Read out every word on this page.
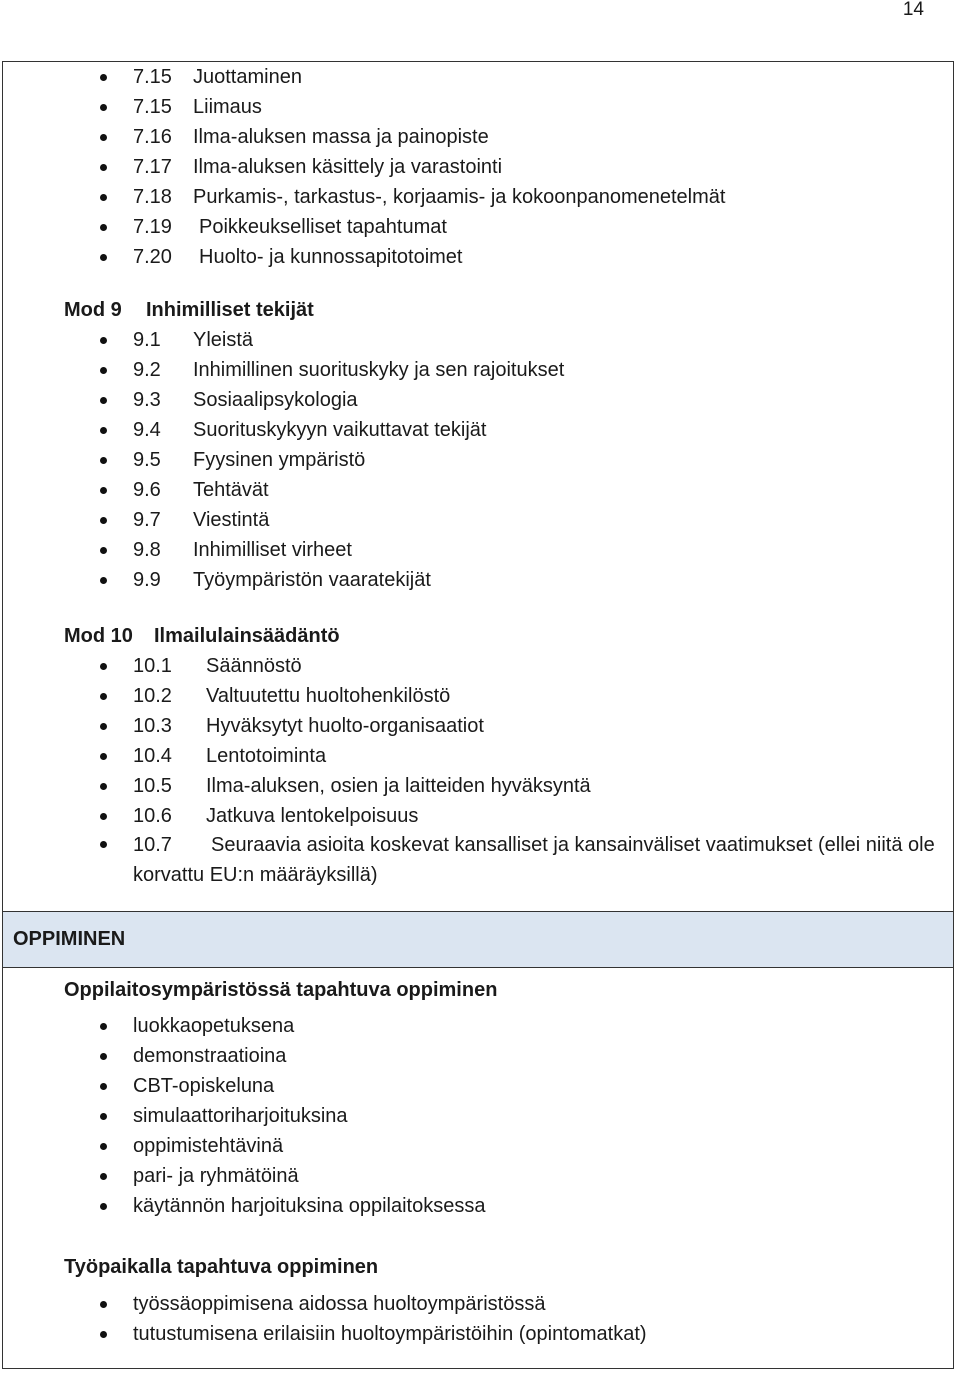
14
7.15 Juottaminen
7.15 Liimaus
7.16 Ilma-aluksen massa ja painopiste
7.17 Ilma-aluksen käsittely ja varastointi
7.18 Purkamis-, tarkastus-, korjaamis- ja kokoonpanomenetelmät
7.19 Poikkeukselliset tapahtumat
7.20 Huolto- ja kunnossapitotoimet
Mod 9 Inhimilliset tekijät
9.1 Yleistä
9.2 Inhimillinen suorituskyky ja sen rajoitukset
9.3 Sosiaalipsykologia
9.4 Suorituskykyyn vaikuttavat tekijät
9.5 Fyysinen ympäristö
9.6 Tehtävät
9.7 Viestintä
9.8 Inhimilliset virheet
9.9 Työympäristön vaaratekijät
Mod 10 Ilmailulainsäädäntö
10.1 Säännöstö
10.2 Valtuutettu huoltohenkilöstö
10.3 Hyväksytyt huolto-organisaatiot
10.4 Lentotoiminta
10.5 Ilma-aluksen, osien ja laitteiden hyväksyntä
10.6 Jatkuva lentokelpoisuus
10.7	Seuraavia asioita koskevat kansalliset ja kansainväliset vaatimukset (ellei niitä ole korvattu EU:n määräyksillä)
OPPIMINEN
Oppilaitosympäristössä tapahtuva oppiminen
luokkaopetuksena
demonstraatioina
CBT-opiskeluna
simulaattoriharjoituksina
oppimistehtävinä
pari- ja ryhmätöinä
käytännön harjoituksina oppilaitoksessa
Työpaikalla tapahtuva oppiminen
työssäoppimisena aidossa huoltoympäristössä
tutustumisena erilaisiin huoltoympäristöihin (opintomatkat)
